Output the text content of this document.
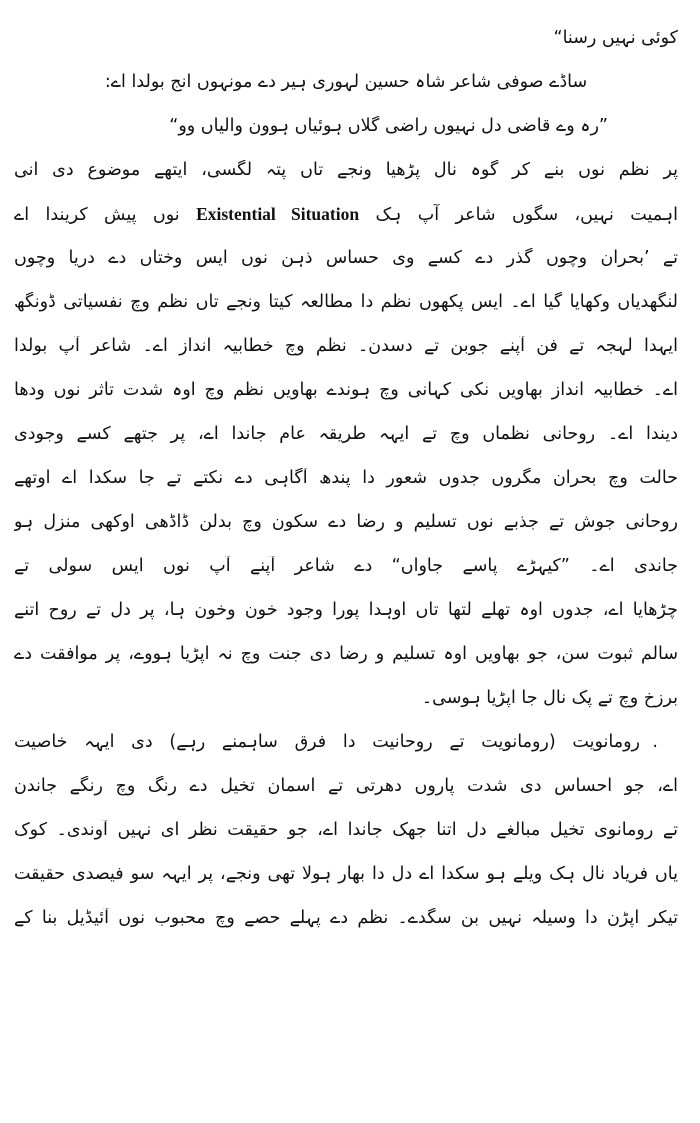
کوئی نہیں رسنا“
ساڈے صوفی شاعر شاہ حسین لہوری ہیر دے مونہوں انج بولدا اے:
”رہ وے قاضی دل نہیوں راضی گلاں ہوئیاں ہوون والیاں وو“
پر نظم نوں بنے کر گوہ نال پڑھیا ونجے تاں پتہ لگسی، ایتھے موضوع دی انی
اہمیت نہیں، سگوں شاعر آپ ہک Existential Situation نوں پیش کریندا اے
تے ’بحران وچوں گذر دے کسے وی حساس ذہن نوں ایس وختاں دے دریا وچوں
لنگھدیاں وکھایا گیا اے۔ ایس پکھوں نظم دا مطالعہ کیتا ونجے تاں نظم وچ نفسیاتی ڈونگھ
ایہدا لہجہ تے فن آپنے جوبن تے دسدن۔ نظم وچ خطابیہ انداز اے۔ شاعر آپ بولدا
اے۔ خطابیہ انداز بھاویں نکی کہانی وچ ہوندے بھاویں نظم وچ اوہ شدت تاثر نوں ودھا
دیندا اے۔ روحانی نظماں وچ تے ایہہ طریقہ عام جاندا اے، پر جتھے کسے وجودی
حالت وچ بحران مگروں جدوں شعور دا پندھ آگاہی دے نکتے تے جا سکدا اے اوتھے
روحانی جوش تے جذبے نوں تسلیم و رضا دے سکون وچ بدلن ڈاڈھی اوکھی منزل ہو
جاندی اے۔ ”کیہڑے پاسے جاواں“ دے شاعر آپنے آپ نوں ایس سولی تے
چڑھایا اے، جدوں اوہ تھلے لتھا تاں اوہدا پورا وجود خون وخون ہا، پر دل تے روح اتنے
سالم ثبوت سن، جو بھاویں اوہ تسلیم و رضا دی جنت وچ نہ اپڑیا ہووے، پر موافقت دے
برزخ وچ تے پک نال جا اپڑیا ہوسی۔
.رومانویت (رومانویت تے روحانیت دا فرق ساہمنے رہے) دی ایہہ خاصیت
اے، جو احساس دی شدت پاروں دھرتی تے اسمان تخیل دے رنگ وچ رنگے جاندن
تے رومانوی تخیل مبالغے دل اتنا جھک جاندا اے، جو حقیقت نظر ای نہیں آوندی۔ کوک
یاں فریاد نال ہک ویلے ہو سکدا اے دل دا بھار ہولا تھی ونجے، پر ایہہ سو فیصدی حقیقت
تیکر اپڑن دا وسیلہ نہیں بن سگدے۔ نظم دے پہلے حصے وچ محبوب نوں آئیڈیل بنا کے
